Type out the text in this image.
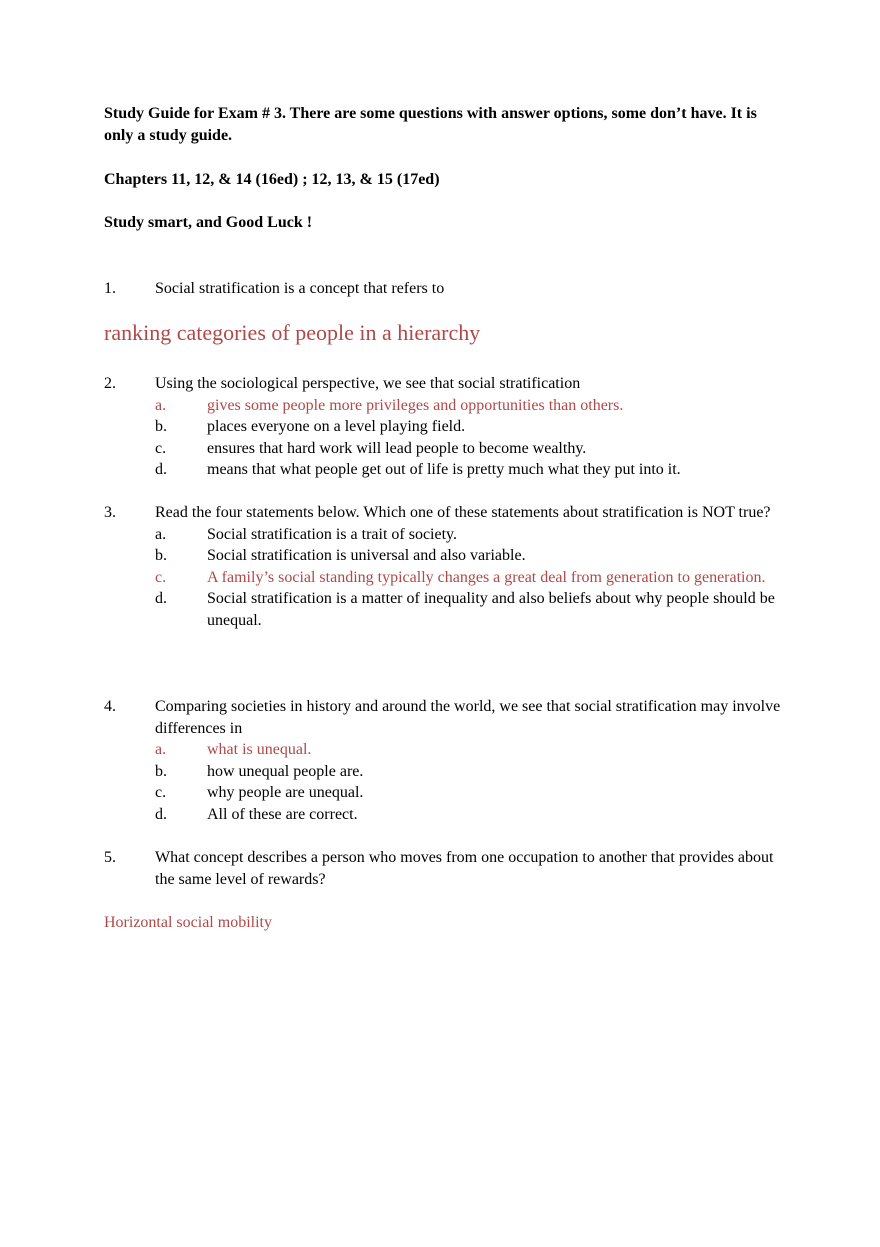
Study Guide for Exam # 3. There are some questions with answer options, some don’t have. It is only a study guide.
Chapters 11, 12, & 14 (16ed) ; 12, 13, & 15 (17ed)
Study smart, and Good Luck !
1. Social stratification is a concept that refers to
ranking categories of people in a hierarchy
2. Using the sociological perspective, we see that social stratification
a.	gives some people more privileges and opportunities than others.
b.	places everyone on a level playing field.
c.	ensures that hard work will lead people to become wealthy.
d.	means that what people get out of life is pretty much what they put into it.
3. Read the four statements below. Which one of these statements about stratification is NOT true?
a.	Social stratification is a trait of society.
b.	Social stratification is universal and also variable.
c.	A family’s social standing typically changes a great deal from generation to generation.
d.	Social stratification is a matter of inequality and also beliefs about why people should be unequal.
4. Comparing societies in history and around the world, we see that social stratification may involve differences in
a.	what is unequal.
b.	how unequal people are.
c.	why people are unequal.
d.	All of these are correct.
5. What concept describes a person who moves from one occupation to another that provides about the same level of rewards?
Horizontal social mobility
